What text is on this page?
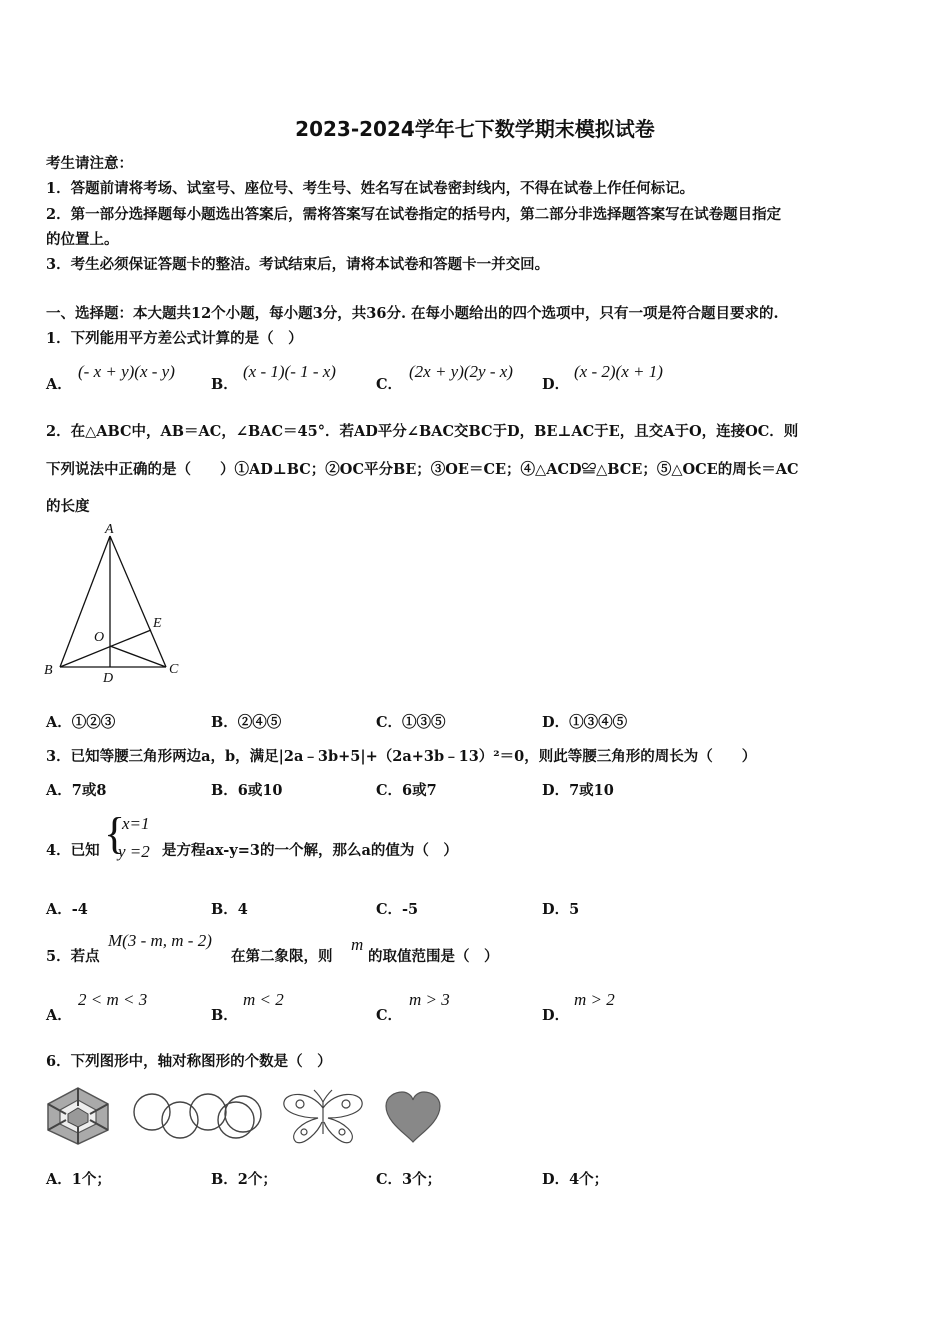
2023-2024学年七下数学期末模拟试卷
考生请注意：
1．答题前请将考场、试室号、座位号、考生号、姓名写在试卷密封线内，不得在试卷上作任何标记。
2．第一部分选择题每小题选出答案后，需将答案写在试卷指定的括号内，第二部分非选择题答案写在试卷题目指定
的位置上。
3．考生必须保证答题卡的整洁。考试结束后，请将本试卷和答题卡一并交回。
一、选择题：本大题共12个小题，每小题3分，共36分. 在每小题给出的四个选项中，只有一项是符合题目要求的.
1．下列能用平方差公式计算的是（　）
A．
(- x + y)(x - y)
B．
(x - 1)(- 1 - x)
C．
(2x + y)(2y - x)
D．
(x - 2)(x + 1)
2．在△ABC中，AB＝AC，∠BAC＝45°．若AD平分∠BAC交BC于D，BE⊥AC于E，且交A于O，连接OC．则
下列说法中正确的是（　　）①AD⊥BC；②OC平分BE；③OE＝CE；④△ACD≌△BCE；⑤△OCE的周长＝AC
的长度
A
B	C
D
E
O
A．①②③	B．②④⑤	C．①③⑤	D．①③④⑤
3．已知等腰三角形两边a，b，满足|2a﹣3b+5|+（2a+3b﹣13）²＝0，则此等腰三角形的周长为（　　）
A．7或8	B．6或10	C．6或7	D．7或10
4．已知 {
x=1
y =2 是方程ax-y=3的一个解，那么a的值为（　）
A．-4	B．4	C．-5	D．5
5．若点
M(3 - m, m - 2)
在第二象限，则
m
的取值范围是（　）
A．
2 < m < 3
B．
m < 2
C．
m > 3
D．
m > 2
6．下列图形中，轴对称图形的个数是（　）
A．1个；	B．2个；	C．3个；	D．4个；
